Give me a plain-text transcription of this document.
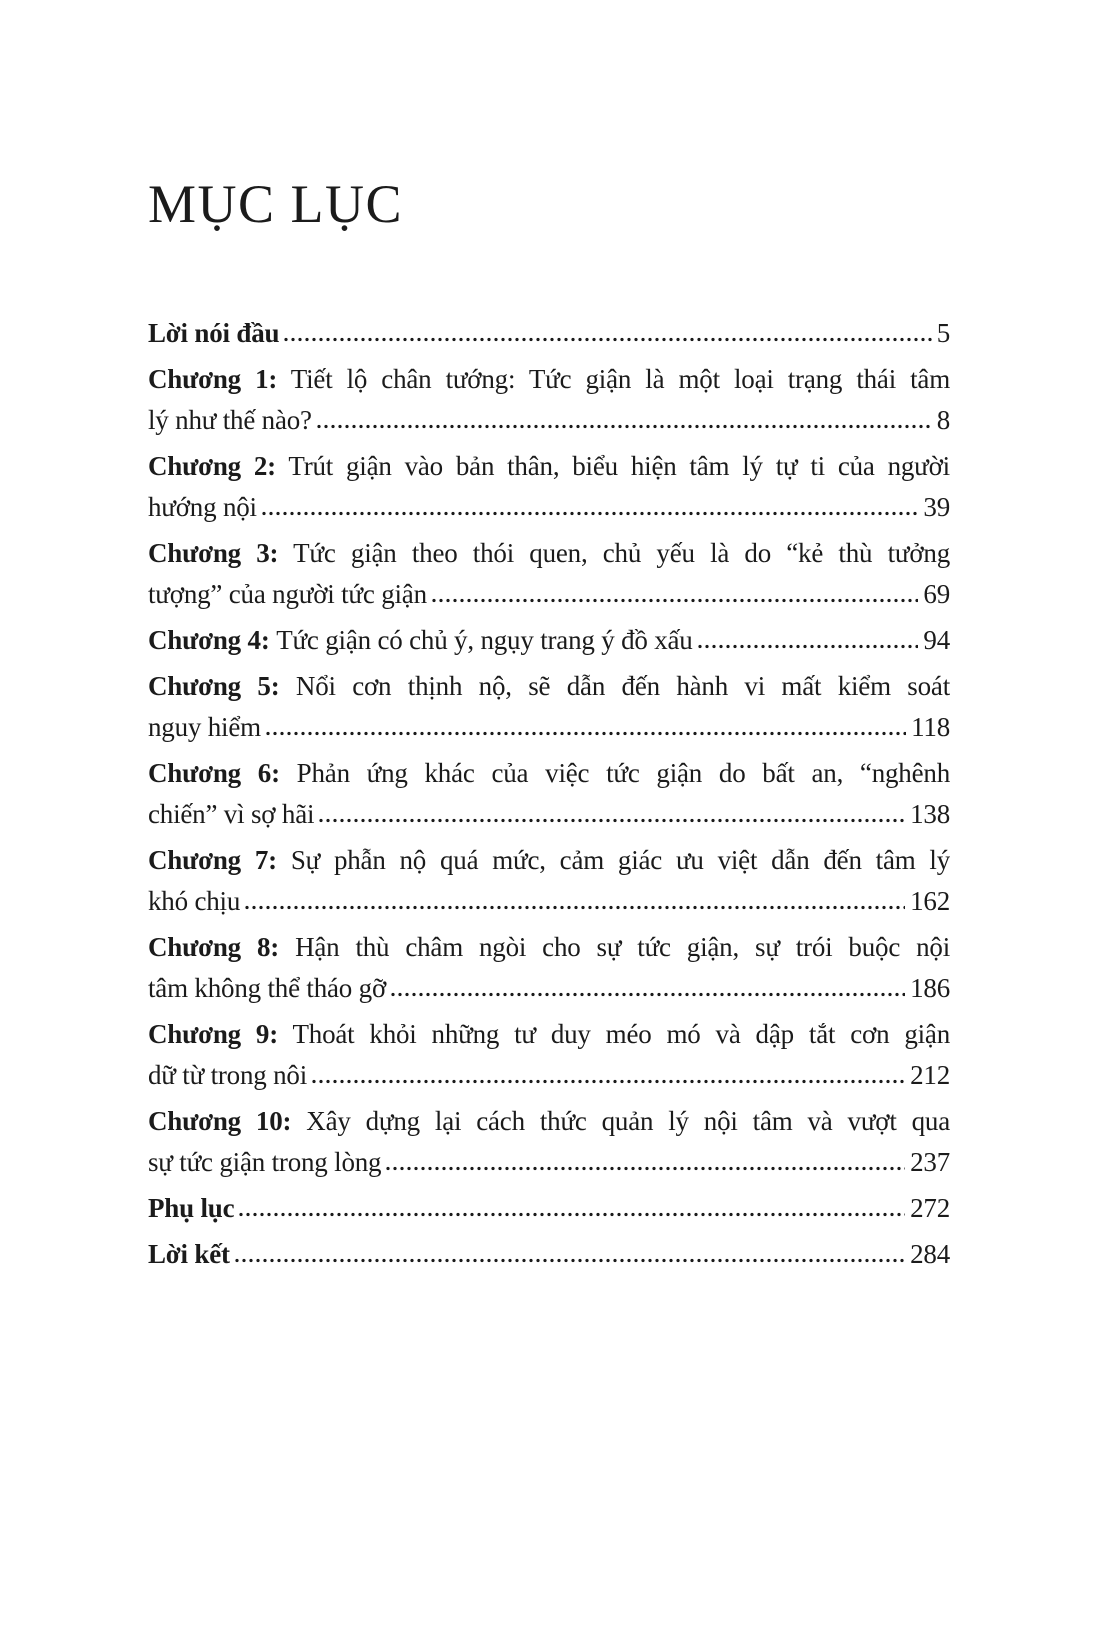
MỤC LỤC

Lời nói đầu	5

Chương 1: Tiết lộ chân tướng: Tức giận là một loại trạng thái tâm

lý như thế nào?	8

Chương 2: Trút giận vào bản thân, biểu hiện tâm lý tự ti của người

hướng nội	39

Chương 3: Tức giận theo thói quen, chủ yếu là do “kẻ thù tưởng

tượng” của người tức giận	69

Chương 4: Tức giận có chủ ý, ngụy trang ý đồ xấu	94

Chương 5: Nổi cơn thịnh nộ, sẽ dẫn đến hành vi mất kiểm soát

nguy hiểm	118

Chương 6: Phản ứng khác của việc tức giận do bất an, “nghênh

chiến” vì sợ hãi	138

Chương 7: Sự phẫn nộ quá mức, cảm giác ưu việt dẫn đến tâm lý

khó chịu	162

Chương 8: Hận thù châm ngòi cho sự tức giận, sự trói buộc nội

tâm không thể tháo gỡ	186

Chương 9: Thoát khỏi những tư duy méo mó và dập tắt cơn giận

dữ từ trong nôi	212

Chương 10: Xây dựng lại cách thức quản lý nội tâm và vượt qua

sự tức giận trong lòng	237

Phụ lục	272

Lời kết	284
